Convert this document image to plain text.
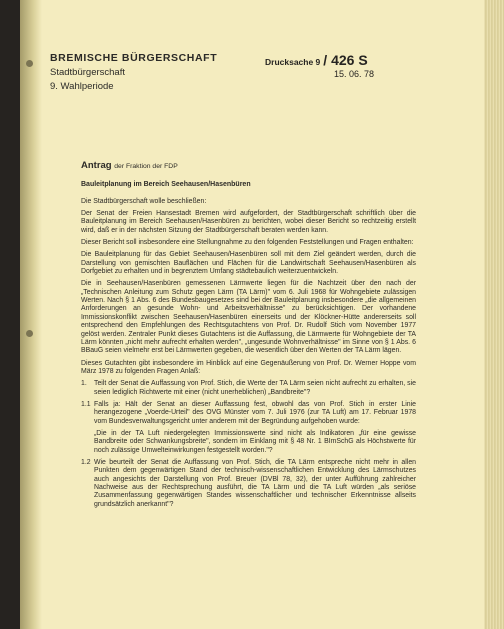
BREMISCHE BÜRGERSCHAFT
Stadtbürgerschaft
9. Wahlperiode
Drucksache 9 / 426 S
15. 06. 78
Antrag der Fraktion der FDP
Bauleitplanung im Bereich Seehausen/Hasenbüren

Die Stadtbürgerschaft wolle beschließen:

Der Senat der Freien Hansestadt Bremen wird aufgefordert, der Stadtbürgerschaft schriftlich über die Bauleitplanung im Bereich Seehausen/Hasenbüren zu berichten, wobei dieser Bericht so rechtzeitig erstellt wird, daß er in der nächsten Sitzung der Stadtbürgerschaft beraten werden kann.

Dieser Bericht soll insbesondere eine Stellungnahme zu den folgenden Feststellungen und Fragen enthalten:

Die Bauleitplanung für das Gebiet Seehausen/Hasenbüren soll mit dem Ziel geändert werden, durch die Darstellung von gemischten Bauflächen und Flächen für die Landwirtschaft Seehausen/Hasenbüren als Dorfgebiet zu erhalten und in begrenztem Umfang städtebaulich weiterzuentwickeln.

Die in Seehausen/Hasenbüren gemessenen Lärmwerte liegen für die Nachtzeit über den nach der „Technischen Anleitung zum Schutz gegen Lärm (TA Lärm)" vom 6. Juli 1968 für Wohngebiete zulässigen Werten. Nach § 1 Abs. 6 des Bundesbaugesetzes sind bei der Bauleitplanung insbesondere „die allgemeinen Anforderungen an gesunde Wohn- und Arbeitsverhältnisse" zu berücksichtigen. Der vorhandene Immissionskonflikt zwischen Seehausen/Hasenbüren einerseits und der Klöckner-Hütte andererseits soll entsprechend den Empfehlungen des Rechtsgutachtens von Prof. Dr. Rudolf Stich vom November 1977 gelöst werden. Zentraler Punkt dieses Gutachtens ist die Auffassung, die Lärmwerte für Wohngebiete der TA Lärm könnten „nicht mehr aufrecht erhalten werden", „ungesunde Wohnverhältnisse" im Sinne von § 1 Abs. 6 BBauG seien vielmehr erst bei Lärmwerten gegeben, die wesentlich über den Werten der TA Lärm lägen.

Dieses Gutachten gibt insbesondere im Hinblick auf eine Gegenäußerung von Prof. Dr. Werner Hoppe vom März 1978 zu folgenden Fragen Anlaß:

1.	Teilt der Senat die Auffassung von Prof. Stich, die Werte der TA Lärm seien nicht aufrecht zu erhalten, sie seien lediglich Richtwerte mit einer (nicht unerheblichen) „Bandbreite"?
1.1 Falls ja: Hält der Senat an dieser Auffassung fest, obwohl das von Prof. Stich in erster Linie herangezogene „Voerde-Urteil" des OVG Münster vom 7. Juli 1976 (zur TA Luft) am 17. Februar 1978 vom Bundesverwaltungsgericht unter anderem mit der Begründung aufgehoben wurde:
„Die in der TA Luft niedergelegten Immissionswerte sind nicht als Indikatoren „für eine gewisse Bandbreite oder Schwankungsbreite", sondern im Einklang mit § 48 Nr. 1 BImSchG als Höchstwerte für noch zulässige Umwelteinwirkungen festgestellt worden."?
1.2 Wie beurteilt der Senat die Auffassung von Prof. Stich, die TA Lärm entspreche nicht mehr in allen Punkten dem gegenwärtigen Stand der technisch-wissenschaftlichen Entwicklung des Lärmschutzes auch angesichts der Darstellung von Prof. Breuer (DVBl 78, 32), der unter Aufführung zahlreicher Nachweise aus der Rechtsprechung ausführt, die TA Lärm und die TA Luft würden „als seriöse Zusammenfassung gegenwärtigen Standes wissenschaftlicher und technischer Erkenntnisse allseits grundsätzlich anerkannt"?
